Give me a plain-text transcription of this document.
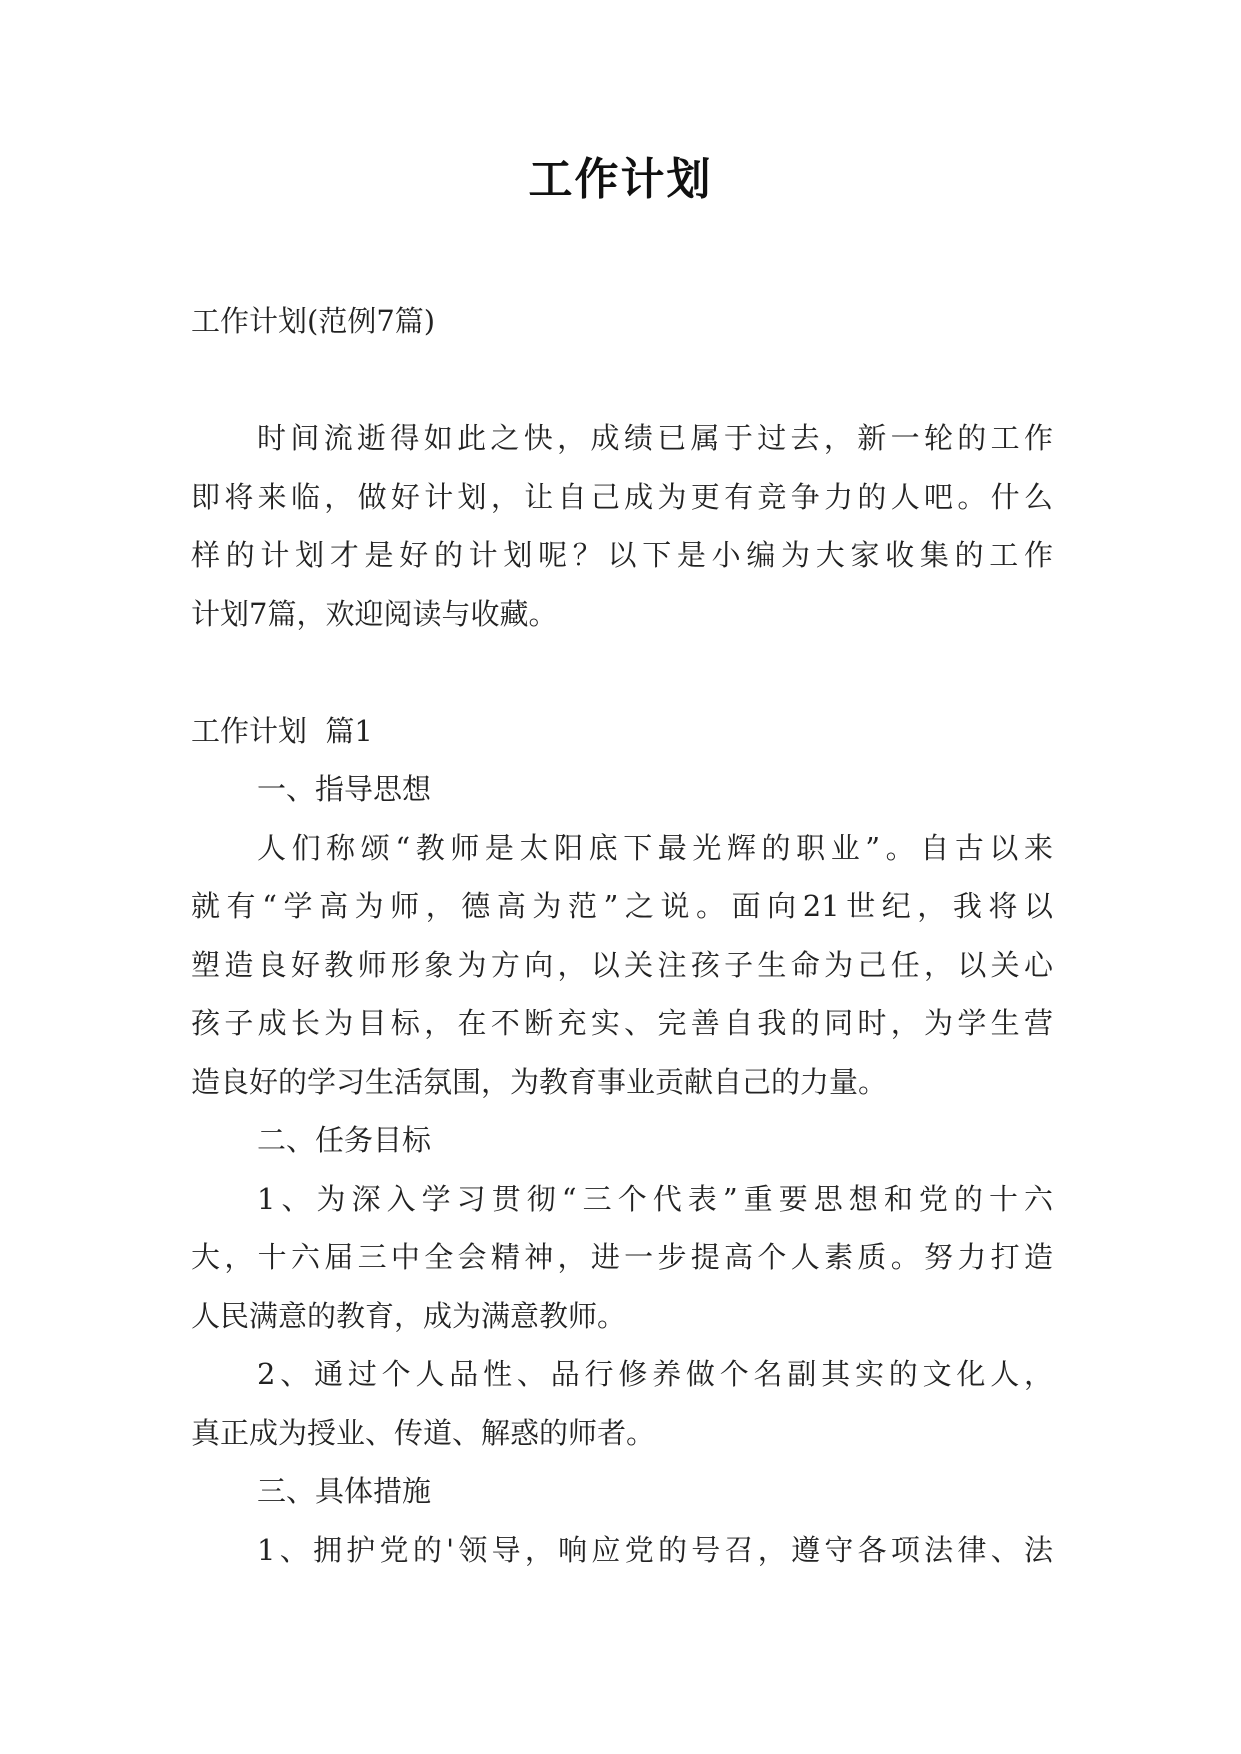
工作计划
工作计划(范例7篇)
时间流逝得如此之快，成绩已属于过去，新一轮的工作
即将来临，做好计划，让自己成为更有竞争力的人吧。什么
样的计划才是好的计划呢？以下是小编为大家收集的工作
计划7篇，欢迎阅读与收藏。
工作计划  篇1
一、指导思想
人们称颂“教师是太阳底下最光辉的职业”。自古以来
就有“学高为师，德高为范”之说。面向21世纪，我将以
塑造良好教师形象为方向，以关注孩子生命为己任，以关心
孩子成长为目标，在不断充实、完善自我的同时，为学生营
造良好的学习生活氛围，为教育事业贡献自己的力量。
二、任务目标
1、为深入学习贯彻“三个代表”重要思想和党的十六
大，十六届三中全会精神，进一步提高个人素质。努力打造
人民满意的教育，成为满意教师。
2、通过个人品性、品行修养做个名副其实的文化人，
真正成为授业、传道、解惑的师者。
三、具体措施
1、拥护党的'领导，响应党的号召，遵守各项法律、法
